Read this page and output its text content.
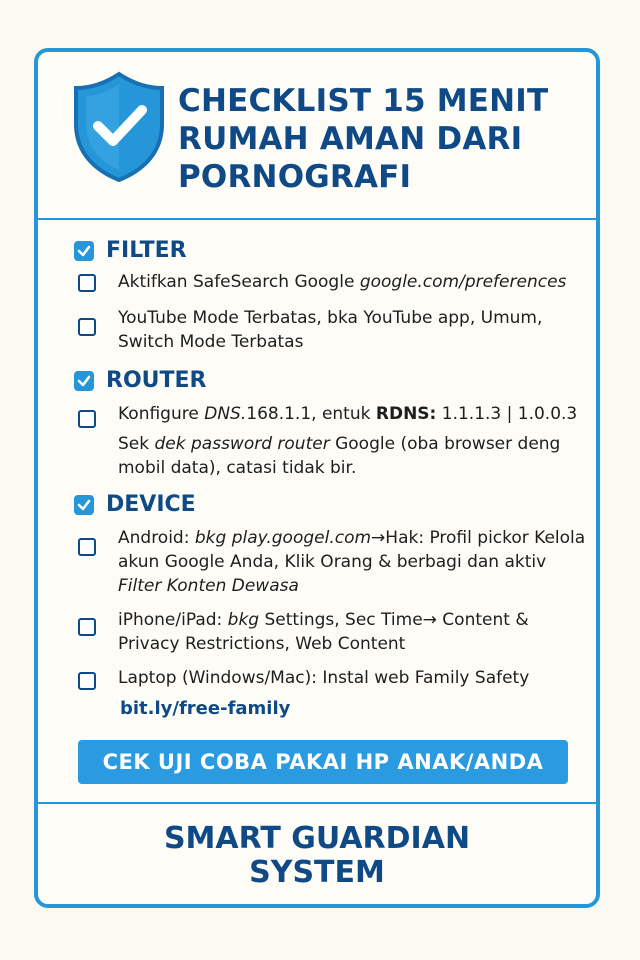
CHECKLIST 15 MENIT
RUMAH AMAN DARI
PORNOGRAFI
FILTER
Aktifkan SafeSearch Google google.com/preferences
YouTube Mode Terbatas, bka YouTube app, Umum, Switch Mode Terbatas
ROUTER
Konfigure DNS.168.1.1, entuk RDNS: 1.1.1.3 | 1.0.0.3
Sek dek password router Google (oba browser deng mobil data), catasi tidak bir.
DEVICE
Android: bkg play.googel.com→Hak: Profil pickor Kelola akun Google Anda, Klik Orang & berbagi dan aktiv Filter Konten Dewasa
iPhone/iPad: bkg Settings, Sec Time→ Content & Privacy Restrictions, Web Content
Laptop (Windows/Mac): Instal web Family Safety
bit.ly/free-family
CEK UJI COBA PAKAI HP ANAK/ANDA
SMART GUARDIAN
SYSTEM
